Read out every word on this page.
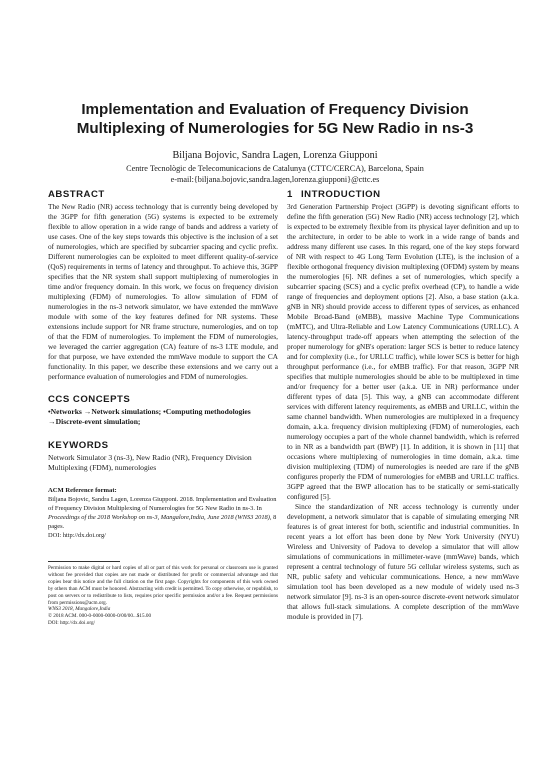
Implementation and Evaluation of Frequency Division
Multiplexing of Numerologies for 5G New Radio in ns-3
Biljana Bojovic, Sandra Lagen, Lorenza Giupponi
Centre Tecnològic de Telecomunicacions de Catalunya (CTTC/CERCA), Barcelona, Spain
e-mail:{biljana.bojovic,sandra.lagen,lorenza.giupponi}@cttc.es
ABSTRACT

The New Radio (NR) access technology that is currently being developed by the 3GPP for fifth generation (5G) systems is expected to be extremely flexible to allow operation in a wide range of bands and address a variety of use cases. One of the key steps towards this objective is the inclusion of a set of numerologies, which are specified by subcarrier spacing and cyclic prefix. Different numerologies can be exploited to meet different quality-of-service (QoS) requirements in terms of latency and throughput. To achieve this, 3GPP specifies that the NR system shall support multiplexing of numerologies in time and/or frequency domain. In this work, we focus on frequency division multiplexing (FDM) of numerologies. To allow simulation of FDM of numerologies in the ns-3 network simulator, we have extended the mmWave module with some of the key features defined for NR systems. These extensions include support for NR frame structure, numerologies, and on top of that the FDM of numerologies. To implement the FDM of numerologies, we leveraged the carrier aggregation (CA) feature of ns-3 LTE module, and for that purpose, we have extended the mmWave module to support the CA functionality. In this paper, we describe these extensions and we carry out a performance evaluation of numerologies and FDM of numerologies.

CCS CONCEPTS

•Networks →Network simulations; •Computing methodologies →Discrete-event simulation;

KEYWORDS

Network Simulator 3 (ns-3), New Radio (NR), Frequency Division Multiplexing (FDM), numerologies

ACM Reference format:

Biljana Bojovic, Sandra Lagen, Lorenza Giupponi. 2018. Implementation and Evaluation of Frequency Division Multiplexing of Numerologies for 5G New Radio in ns-3. In Proceedings of the 2018 Workshop on ns-3, Mangalore,India, June 2018 (WNS3 2018), 8 pages.

DOI: http://dx.doi.org/

Permission to make digital or hard copies of all or part of this work for personal or classroom use is granted without fee provided that copies are not made or distributed for profit or commercial advantage and that copies bear this notice and the full citation on the first page. Copyrights for components of this work owned by others than ACM must be honored. Abstracting with credit is permitted. To copy otherwise, or republish, to post on servers or to redistribute to lists, requires prior specific permission and/or a fee. Request permissions from permissions@acm.org.

WNS3 2018, Mangalore,India

© 2018 ACM. 000-0-0000-0000-0/00/00...$15.00

DOI: http://dx.doi.org/

1 INTRODUCTION

3rd Generation Partnership Project (3GPP) is devoting significant efforts to define the fifth generation (5G) New Radio (NR) access technology [2], which is expected to be extremely flexible from its physical layer definition and up to the architecture, in order to be able to work in a wide range of bands and address many different use cases. In this regard, one of the key steps forward of NR with respect to 4G Long Term Evolution (LTE), is the inclusion of a flexible orthogonal frequency division multiplexing (OFDM) system by means the numerologies [6]. NR defines a set of numerologies, which specify a subcarrier spacing (SCS) and a cyclic prefix overhead (CP), to handle a wide range of frequencies and deployment options [2]. Also, a base station (a.k.a. gNB in NR) should provide access to different types of services, as enhanced Mobile Broad-Band (eMBB), massive Machine Type Communications (mMTC), and Ultra-Reliable and Low Latency Communications (URLLC). A latency-throughput trade-off appears when attempting the selection of the proper numerology for gNB's operation: larger SCS is better to reduce latency and for complexity (i.e., for URLLC traffic), while lower SCS is better for high throughput performance (i.e., for eMBB traffic). For that reason, 3GPP NR specifies that multiple numerologies should be able to be multiplexed in time and/or frequency for a better user (a.k.a. UE in NR) performance under different types of data [5]. This way, a gNB can accommodate different services with different latency requirements, as eMBB and URLLC, within the same channel bandwidth. When numerologies are multiplexed in a frequency domain, a.k.a. frequency division multiplexing (FDM) of numerologies, each numerology occupies a part of the whole channel bandwidth, which is referred to in NR as a bandwidth part (BWP) [1]. In addition, it is shown in [11] that occasions where multiplexing of numerologies in time domain, a.k.a. time division multiplexing (TDM) of numerologies is needed are rare if the gNB configures properly the FDM of numerologies for eMBB and URLLC traffics. 3GPP agreed that the BWP allocation has to be statically or semi-statically configured [5].

Since the standardization of NR access technology is currently under development, a network simulator that is capable of simulating emerging NR features is of great interest for both, scientific and industrial communities. In recent years a lot effort has been done by New York University (NYU) Wireless and University of Padova to develop a simulator that will allow simulations of communications in millimeter-wave (mmWave) bands, which represent a central technology of future 5G cellular wireless systems, such as NR, public safety and vehicular communications. Hence, a new mmWave simulation tool has been developed as a new module of widely used ns-3 network simulator [9]. ns-3 is an open-source discrete-event network simulator that allows full-stack simulations. A complete description of the mmWave module is provided in [7].
